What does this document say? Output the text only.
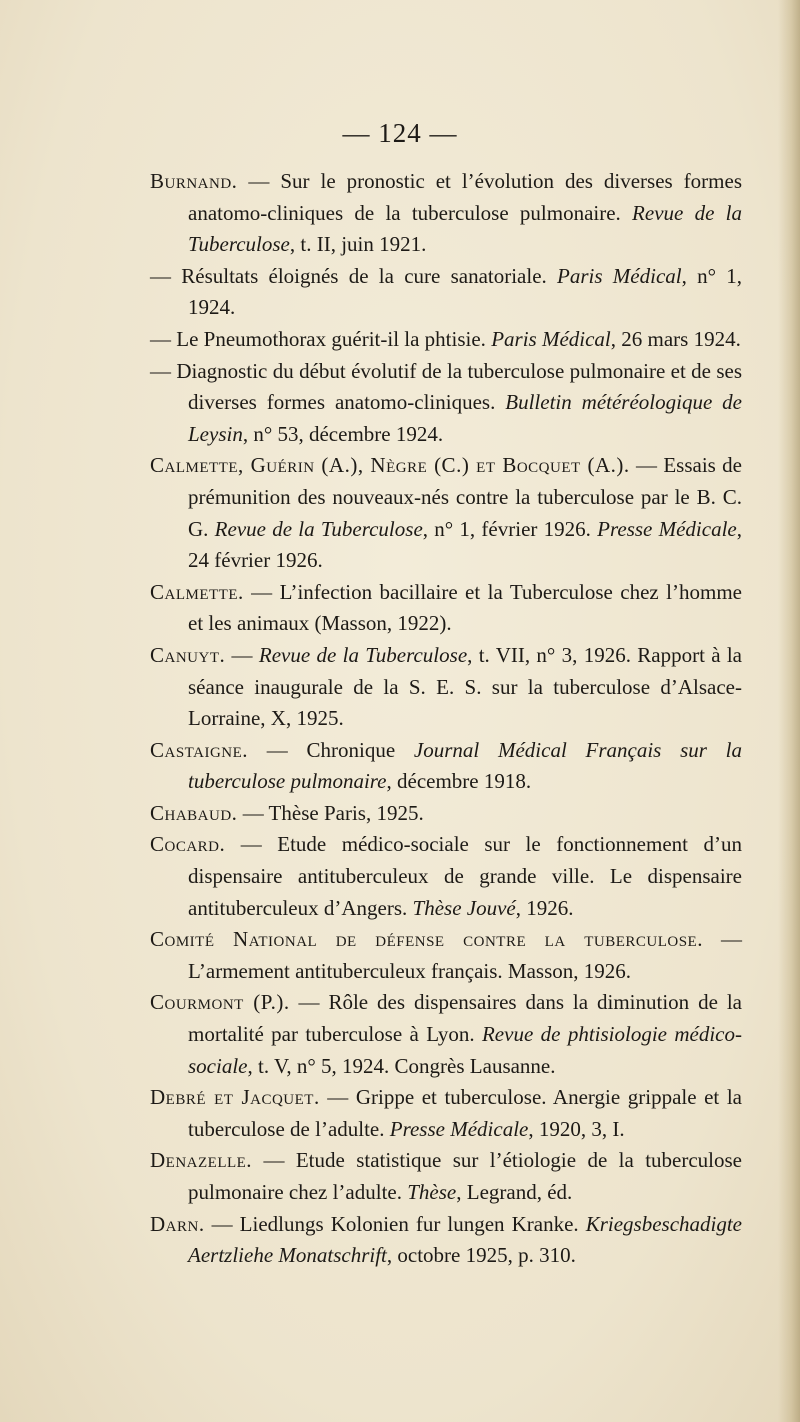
— 124 —
Burnand. — Sur le pronostic et l’évolution des diverses formes anatomo-cliniques de la tuberculose pulmonaire. Revue de la Tuberculose, t. II, juin 1921.
— Résultats éloignés de la cure sanatoriale. Paris Médical, n° 1, 1924.
— Le Pneumothorax guérit-il la phtisie. Paris Médical, 26 mars 1924.
— Diagnostic du début évolutif de la tuberculose pulmonaire et de ses diverses formes anatomo-cliniques. Bulletin météréologique de Leysin, n° 53, décembre 1924.
Calmette, Guérin (A.), Nègre (C.) et Bocquet (A.). — Essais de prémunition des nouveaux-nés contre la tuberculose par le B. C. G. Revue de la Tuberculose, n° 1, février 1926. Presse Médicale, 24 février 1926.
Calmette. — L’infection bacillaire et la Tuberculose chez l’homme et les animaux (Masson, 1922).
Canuyt. — Revue de la Tuberculose, t. VII, n° 3, 1926. Rapport à la séance inaugurale de la S. E. S. sur la tuberculose d’Alsace-Lorraine, X, 1925.
Castaigne. — Chronique Journal Médical Français sur la tuberculose pulmonaire, décembre 1918.
Chabaud. — Thèse Paris, 1925.
Cocard. — Etude médico-sociale sur le fonctionnement d’un dispensaire antituberculeux de grande ville. Le dispensaire antituberculeux d’Angers. Thèse Jouvé, 1926.
Comité National de défense contre la tuberculose. — L’armement antituberculeux français. Masson, 1926.
Courmont (P.). — Rôle des dispensaires dans la diminution de la mortalité par tuberculose à Lyon. Revue de phtisiologie médico-sociale, t. V, n° 5, 1924. Congrès Lausanne.
Debré et Jacquet. — Grippe et tuberculose. Anergie grippale et la tuberculose de l’adulte. Presse Médicale, 1920, 3, I.
Denazelle. — Etude statistique sur l’étiologie de la tuberculose pulmonaire chez l’adulte. Thèse, Legrand, éd.
Darn. — Liedlungs Kolonien fur lungen Kranke. Kriegsbeschadigte Aertzliehe Monatschrift, octobre 1925, p. 310.
